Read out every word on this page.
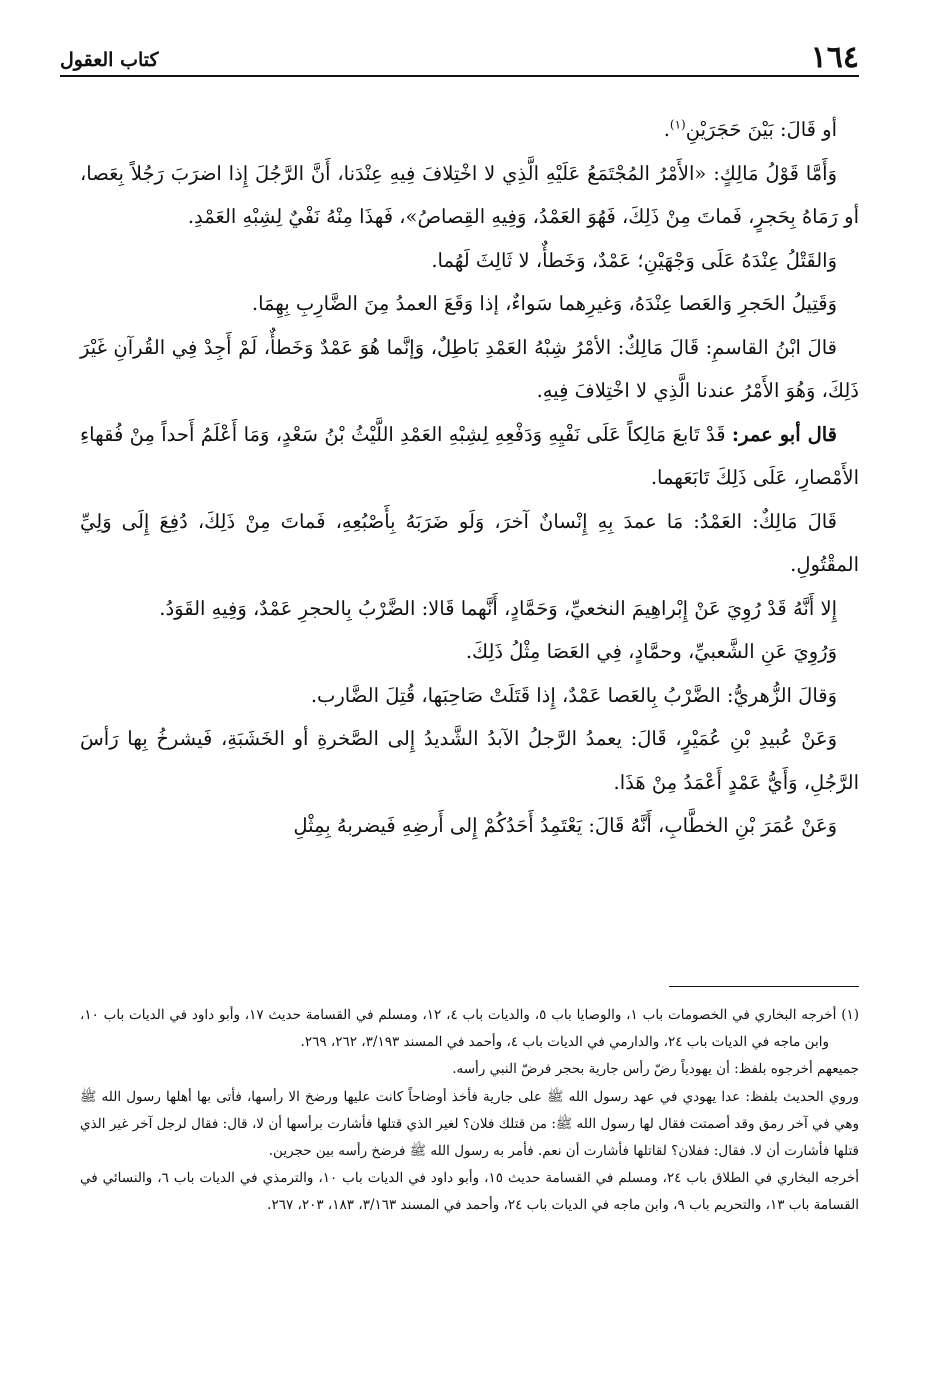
١٦٤
كتاب العقول

أو قَالَ: بَيْنَ حَجَرَيْنِ$^{(١)}$.

وَأَمَّا قَوْلُ مَالِكٍ: «الأَمْرُ المُجْتَمَعُ عَلَيْهِ الَّذِي لا اخْتِلافَ فِيهِ عِنْدَنا، أَنَّ الرَّجُلَ إِذا اضرَبَ رَجُلاً بِعَصا، أو رَمَاهُ بِحَجرٍ، فَماتَ مِنْ ذَلِكَ، فَهُوَ العَمْدُ، وَفِيهِ القِصاصُ»، فَهذَا مِنْهُ نَفْيٌ لِشِبْهِ العَمْدِ.

وَالقَتْلُ عِنْدَهُ عَلَى وَجْهَيْنِ؛ عَمْدٌ، وَخَطأٌ، لا ثَالِثَ لَهُما.

وَقَتِيلُ الحَجرِ وَالعَصا عِنْدَهُ، وَغيرِهما سَواءٌ، إذا وَقَعَ العمدُ مِنَ الضَّارِبِ بِهِمَا.

قالَ ابْنُ القاسمِ: قَالَ مَالِكٌ: الأمْرُ شِبْهُ العَمْدِ بَاطِلٌ، وَإنَّما هُوَ عَمْدٌ وَخَطأٌ، لَمْ أَجِدْ فِي القُرآنِ غَيْرَ ذَلِكَ، وَهُوَ الأَمْرُ عندنا الَّذِي لا اخْتِلافَ فِيهِ.

قال أبو عمر: قَدْ تَابعَ مَالِكاً عَلَى نَفْيِهِ وَدَفْعِهِ لِشِبْهِ العَمْدِ اللَّيْثُ بْنُ سَعْدٍ، وَمَا أَعْلَمُ أَحداً مِنْ فُقهاءِ الأَمْصارِ، عَلَى ذَلِكَ تَابَعَهما.

قَالَ مَالِكٌ: العَمْدُ: مَا عمدَ بِهِ إِنْسانٌ آخرَ، وَلَو ضَرَبَهُ بِأَصْبُعِهِ، فَماتَ مِنْ ذَلِكَ، دُفِعَ إِلَى وَلِيِّ المقْتُولِ.

إِلا أَنَّهُ قَدْ رُوِيَ عَنْ إِبْراهِيمَ النخعيِّ، وَحَمَّادٍ، أَنَّهما قَالا: الضَّرْبُ بِالحجرِ عَمْدٌ، وَفِيهِ القَوَدُ.

وَرُوِيَ عَنِ الشَّعبيِّ، وحمَّادٍ، فِي العَصَا مِثْلُ ذَلِكَ.

وَقالَ الزُّهريُّ: الضَّرْبُ بِالعَصا عَمْدٌ، إِذا قَتَلَتْ صَاحِبَها، قُتِلَ الضَّارب.

وَعَنْ عُبيدِ بْنِ عُمَيْرٍ، قَالَ: يعمدُ الرَّجلُ الآبدُ الشَّديدُ إِلى الصَّخرةِ أو الخَشَبَةِ، فَيشرخُ بِها رَأسَ الرَّجُلِ، وَأَيُّ عَمْدٍ أَعْمَدُ مِنْ هَذَا.

وَعَنْ عُمَرَ بْنِ الخطَّابِ، أَنَّهُ قَالَ: يَعْتَمِدُ أَحَدُكُمْ إِلى أَرضِهِ فَيضربهُ بِمِثْلِ

(١) أخرجه البخاري في الخصومات باب ١، والوصايا باب ٥، والديات باب ٤، ١٢، ومسلم في القسامة حديث ١٧، وأبو داود في الديات باب ١٠، وابن ماجه في الديات باب ٢٤، والدارمي في الديات باب ٤، وأحمد في المسند ٣/١٩٣، ٢٦٢، ٢٦٩.

جميعهم أخرجوه بلفظ: أن يهودياً رضّ رأس جارية بحجر فرضّ النبي رأسه.

وروي الحديث بلفظ: عدا يهودي في عهد رسول الله ﷺ على جارية فأخذ أوضاحاً كانت عليها ورضخ الا رأسها، فأتى بها أهلها رسول الله ﷺ وهي في آخر رمق وقد أصمتت فقال لها رسول الله ﷺ: من قتلك فلان؟ لغير الذي قتلها فأشارت برأسها أن لا، قال: فقال لرجل آخر غير الذي قتلها فأشارت أن لا. فقال: ففلان؟ لقاتلها فأشارت أن نعم. فأمر به رسول الله ﷺ فرضخ رأسه بين حجرين.

أخرجه البخاري في الطلاق باب ٢٤، ومسلم في القسامة حديث ١٥، وأبو داود في الديات باب ١٠، والترمذي في الديات باب ٦، والنسائي في القسامة باب ١٣، والتحريم باب ٩، وابن ماجه في الديات باب ٢٤، وأحمد في المسند ٣/١٦٣، ١٨٣، ٢٠٣، ٢٦٧.
